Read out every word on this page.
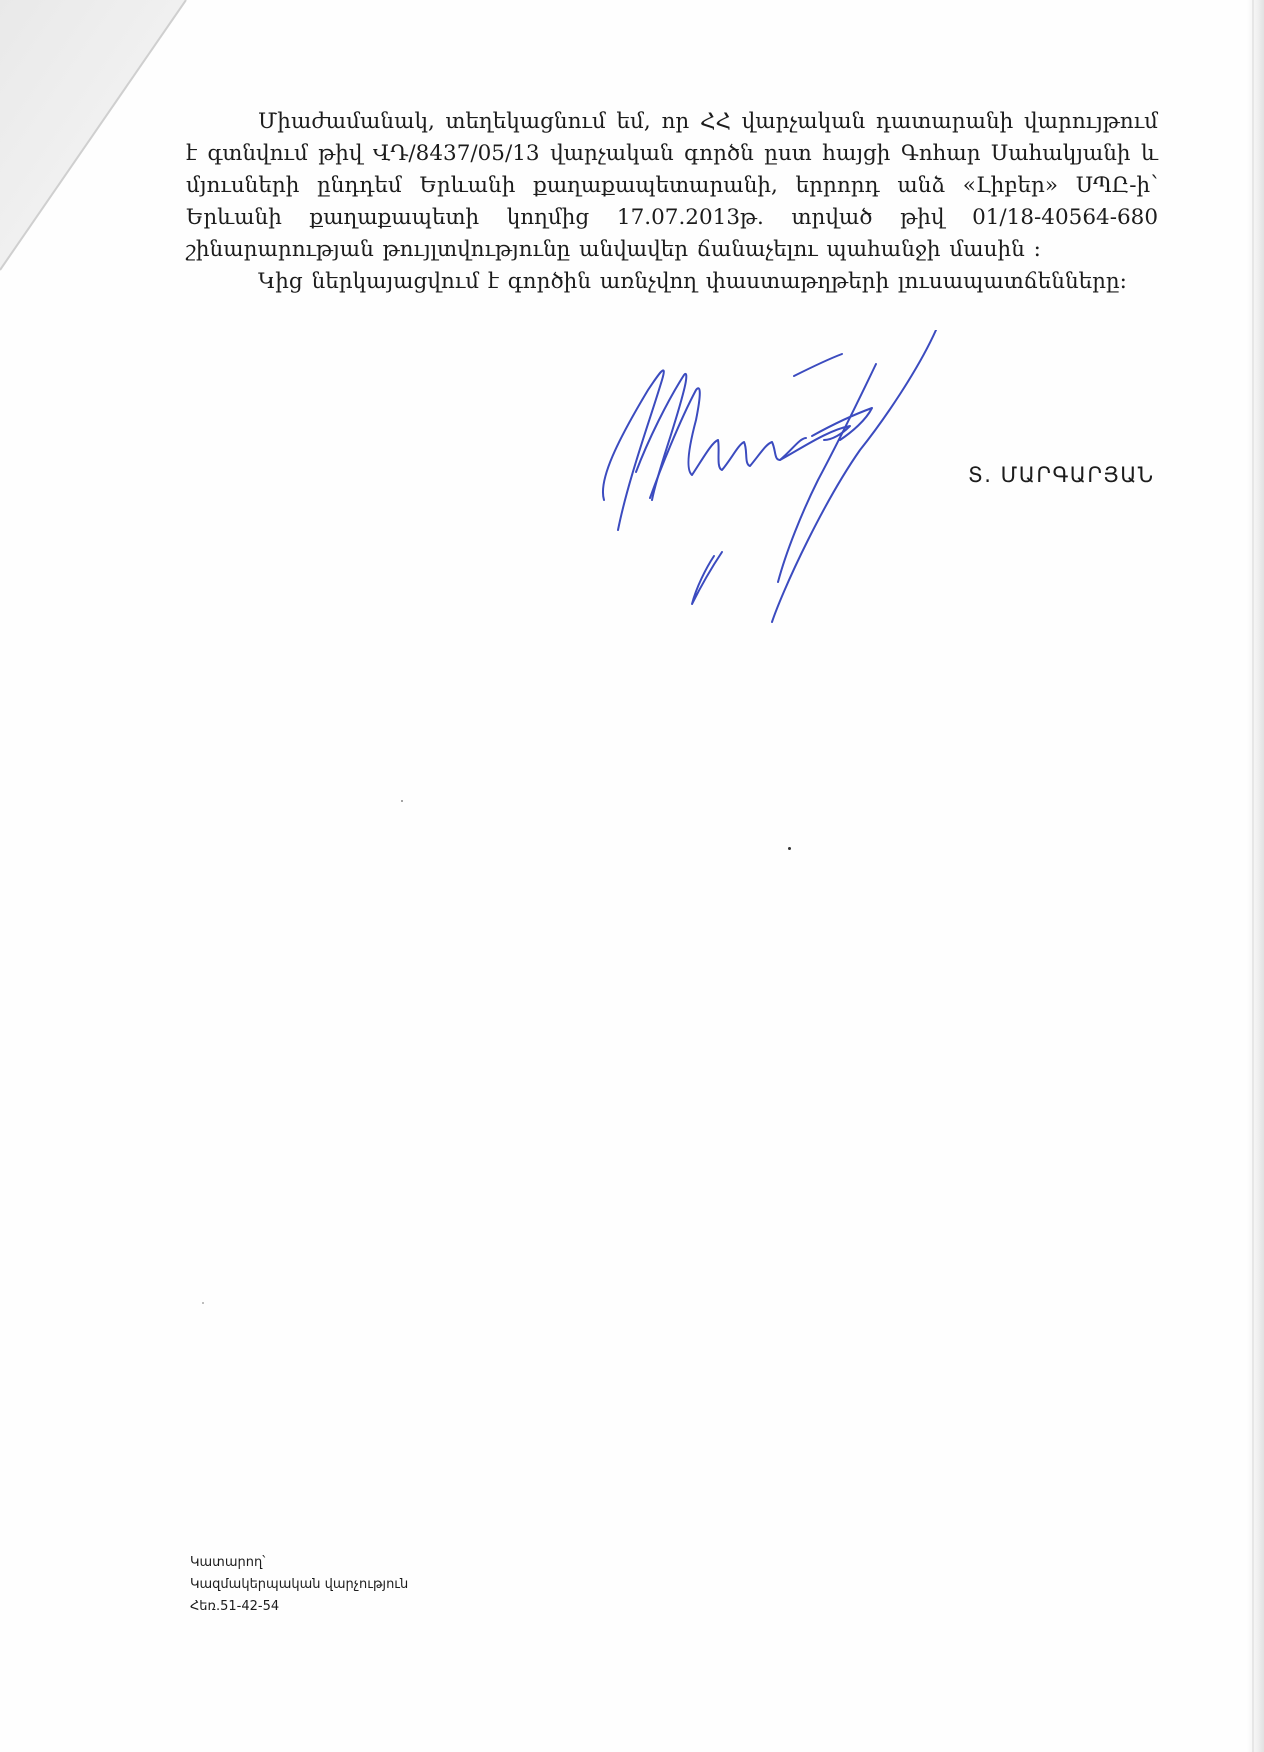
Միաժամանակ, տեղեկացնում եմ, որ ՀՀ վարչական դատարանի վարույթում է գտնվում թիվ ՎԴ/8437/05/13 վարչական գործն ըստ հայցի Գոհար Սահակյանի և մյուսների ընդդեմ Երևանի քաղաքապետարանի, երրորդ անձ «Լիբեր» ՍՊԸ-ի՝ Երևանի քաղաքապետի կողմից 17.07.2013թ. տրված թիվ 01/18-40564-680 շինարարության թույլտվությունը անվավեր ճանաչելու պահանջի մասին ։

Կից ներկայացվում է գործին առնչվող փաստաթղթերի լուսապատճենները։

Տ. ՄԱՐԳԱՐՅԱՆ
Կատարող՝
Կազմակերպական վարչություն
Հեռ.51-42-54
